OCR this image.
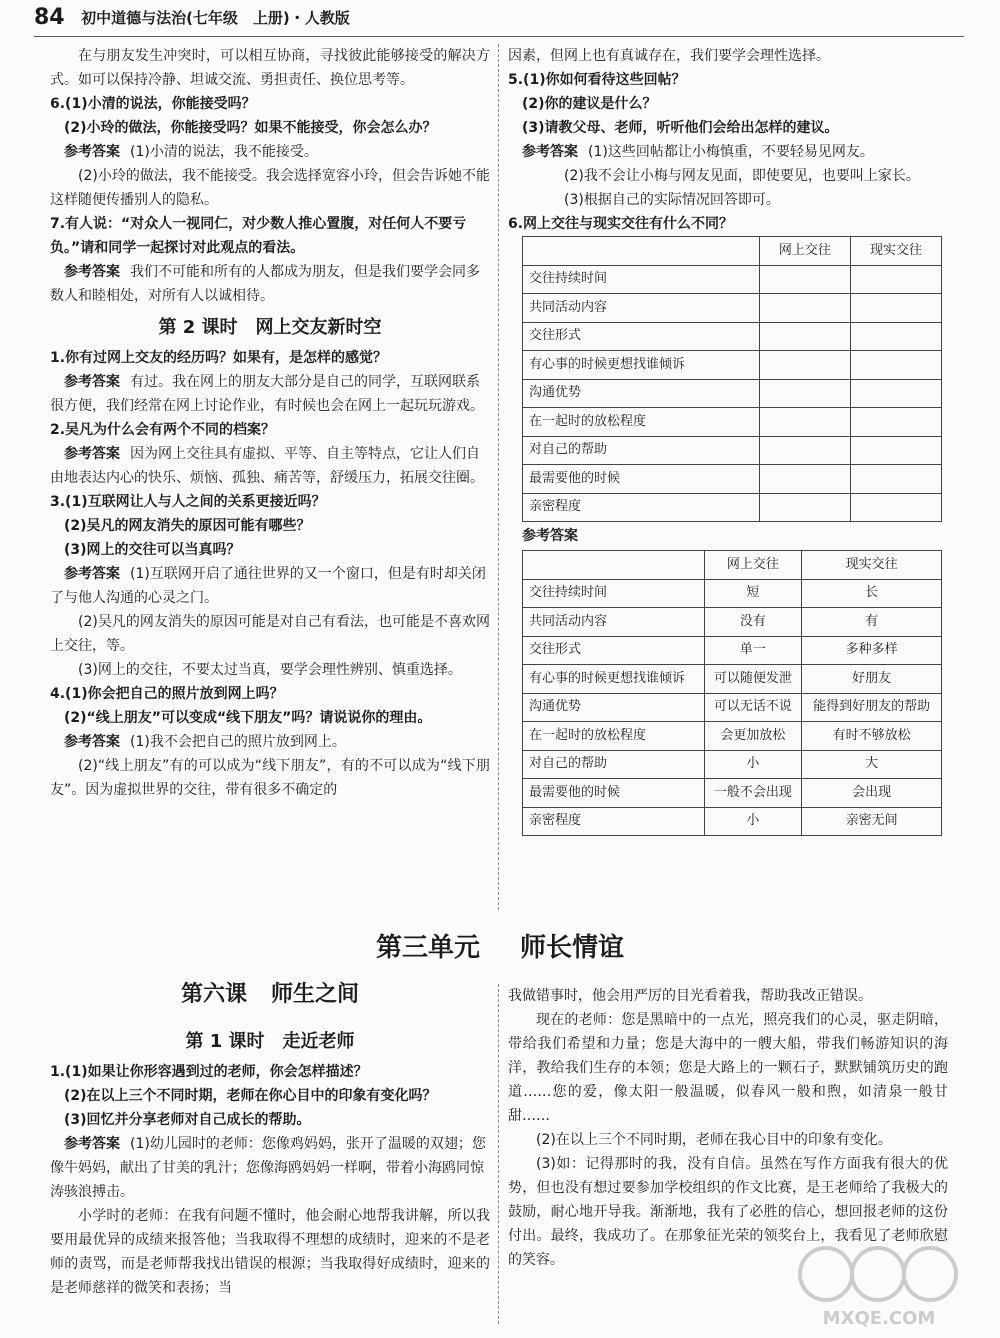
84 初中道德与法治(七年级　上册)・人教版

在与朋友发生冲突时，可以相互协商，寻找彼此能够接受的解决方式。如可以保持冷静、坦诚交流、勇担责任、换位思考等。

6.(1)小清的说法，你能接受吗？

(2)小玲的做法，你能接受吗？如果不能接受，你会怎么办？

参考答案 (1)小清的说法，我不能接受。

(2)小玲的做法，我不能接受。我会选择宽容小玲，但会告诉她不能这样随便传播别人的隐私。

7.有人说：“对众人一视同仁，对少数人推心置腹，对任何人不要亏负。”请和同学一起探讨对此观点的看法。

参考答案 我们不可能和所有的人都成为朋友，但是我们要学会同多数人和睦相处，对所有人以诚相待。

第 2 课时 网上交友新时空

1.你有过网上交友的经历吗？如果有，是怎样的感觉？

参考答案 有过。我在网上的朋友大部分是自己的同学，互联网联系很方便，我们经常在网上讨论作业，有时候也会在网上一起玩玩游戏。

2.吴凡为什么会有两个不同的档案？

参考答案 因为网上交往具有虚拟、平等、自主等特点，它让人们自由地表达内心的快乐、烦恼、孤独、痛苦等，舒缓压力，拓展交往圈。

3.(1)互联网让人与人之间的关系更接近吗？

(2)吴凡的网友消失的原因可能有哪些？

(3)网上的交往可以当真吗？

参考答案 (1)互联网开启了通往世界的又一个窗口，但是有时却关闭了与他人沟通的心灵之门。

(2)吴凡的网友消失的原因可能是对自己有看法，也可能是不喜欢网上交往，等。

(3)网上的交往，不要太过当真，要学会理性辨别、慎重选择。

4.(1)你会把自己的照片放到网上吗？

(2)“线上朋友”可以变成“线下朋友”吗？请说说你的理由。

参考答案 (1)我不会把自己的照片放到网上。

(2)“线上朋友”有的可以成为“线下朋友”，有的不可以成为“线下朋友”。因为虚拟世界的交往，带有很多不确定的

因素，但网上也有真诚存在，我们要学会理性选择。

5.(1)你如何看待这些回帖？

(2)你的建议是什么？

(3)请教父母、老师，听听他们会给出怎样的建议。

参考答案 (1)这些回帖都让小梅慎重，不要轻易见网友。

(2)我不会让小梅与网友见面，即使要见，也要叫上家长。

(3)根据自己的实际情况回答即可。

6.网上交往与现实交往有什么不同？

	网上交往	现实交往
交往持续时间		
共同活动内容		
交往形式		
有心事的时候更想找谁倾诉		
沟通优势		
在一起时的放松程度		
对自己的帮助		
最需要他的时候		
亲密程度		

参考答案

	网上交往	现实交往
交往持续时间	短	长
共同活动内容	没有	有
交往形式	单一	多种多样
有心事的时候更想找谁倾诉	可以随便发泄	好朋友
沟通优势	可以无话不说	能得到好朋友的帮助
在一起时的放松程度	会更加放松	有时不够放松
对自己的帮助	小	大
最需要他的时候	一般不会出现	会出现
亲密程度	小	亲密无间
第三单元 师长情谊
第六课 师生之间
第 1 课时 走近老师

1.(1)如果让你形容遇到过的老师，你会怎样描述？

(2)在以上三个不同时期，老师在你心目中的印象有变化吗？

(3)回忆并分享老师对自己成长的帮助。

参考答案 (1)幼儿园时的老师：您像鸡妈妈，张开了温暖的双翅；您像牛妈妈，献出了甘美的乳汁；您像海鸥妈妈一样啊，带着小海鸥同惊涛骇浪搏击。

小学时的老师：在我有问题不懂时，他会耐心地帮我讲解，所以我要用最优异的成绩来报答他；当我取得不理想的成绩时，迎来的不是老师的责骂，而是老师帮我找出错误的根源；当我取得好成绩时，迎来的是老师慈祥的微笑和表扬；当

我做错事时，他会用严厉的目光看着我，帮助我改正错误。

现在的老师：您是黑暗中的一点光，照亮我们的心灵，驱走阴暗，带给我们希望和力量；您是大海中的一艘大船，带我们畅游知识的海洋，教给我们生存的本领；您是大路上的一颗石子，默默铺筑历史的跑道……您的爱，像太阳一般温暖，似春风一般和煦，如清泉一般甘甜……

(2)在以上三个不同时期，老师在我心目中的印象有变化。

(3)如：记得那时的我，没有自信。虽然在写作方面我有很大的优势，但也没有想过要参加学校组织的作文比赛，是王老师给了我极大的鼓励，耐心地开导我。渐渐地，我有了必胜的信心，想回报老师的这份付出。最终，我成功了。在那象征光荣的领奖台上，我看见了老师欣慰的笑容。

MXQE.COM
